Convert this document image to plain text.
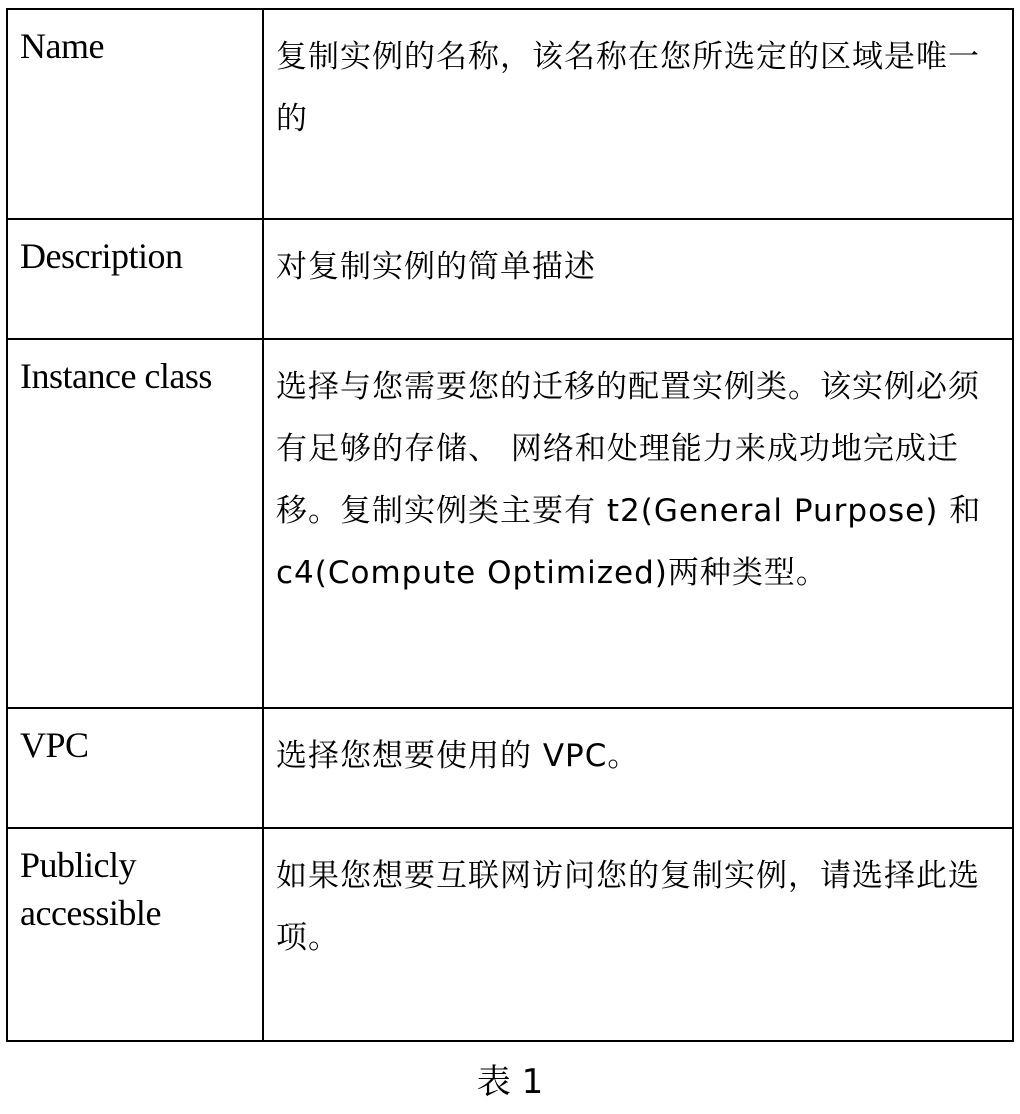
Name	复制实例的名称，该名称在您所选定的区域是唯一的
Description	对复制实例的简单描述
Instance class	选择与您需要您的迁移的配置实例类。该实例必须有足够的存储、 网络和处理能力来成功地完成迁移。复制实例类主要有 t2(General Purpose) 和 c4(Compute Optimized)两种类型。
VPC	选择您想要使用的 VPC。
Publicly accessible	如果您想要互联网访问您的复制实例，请选择此选项。
表 1
